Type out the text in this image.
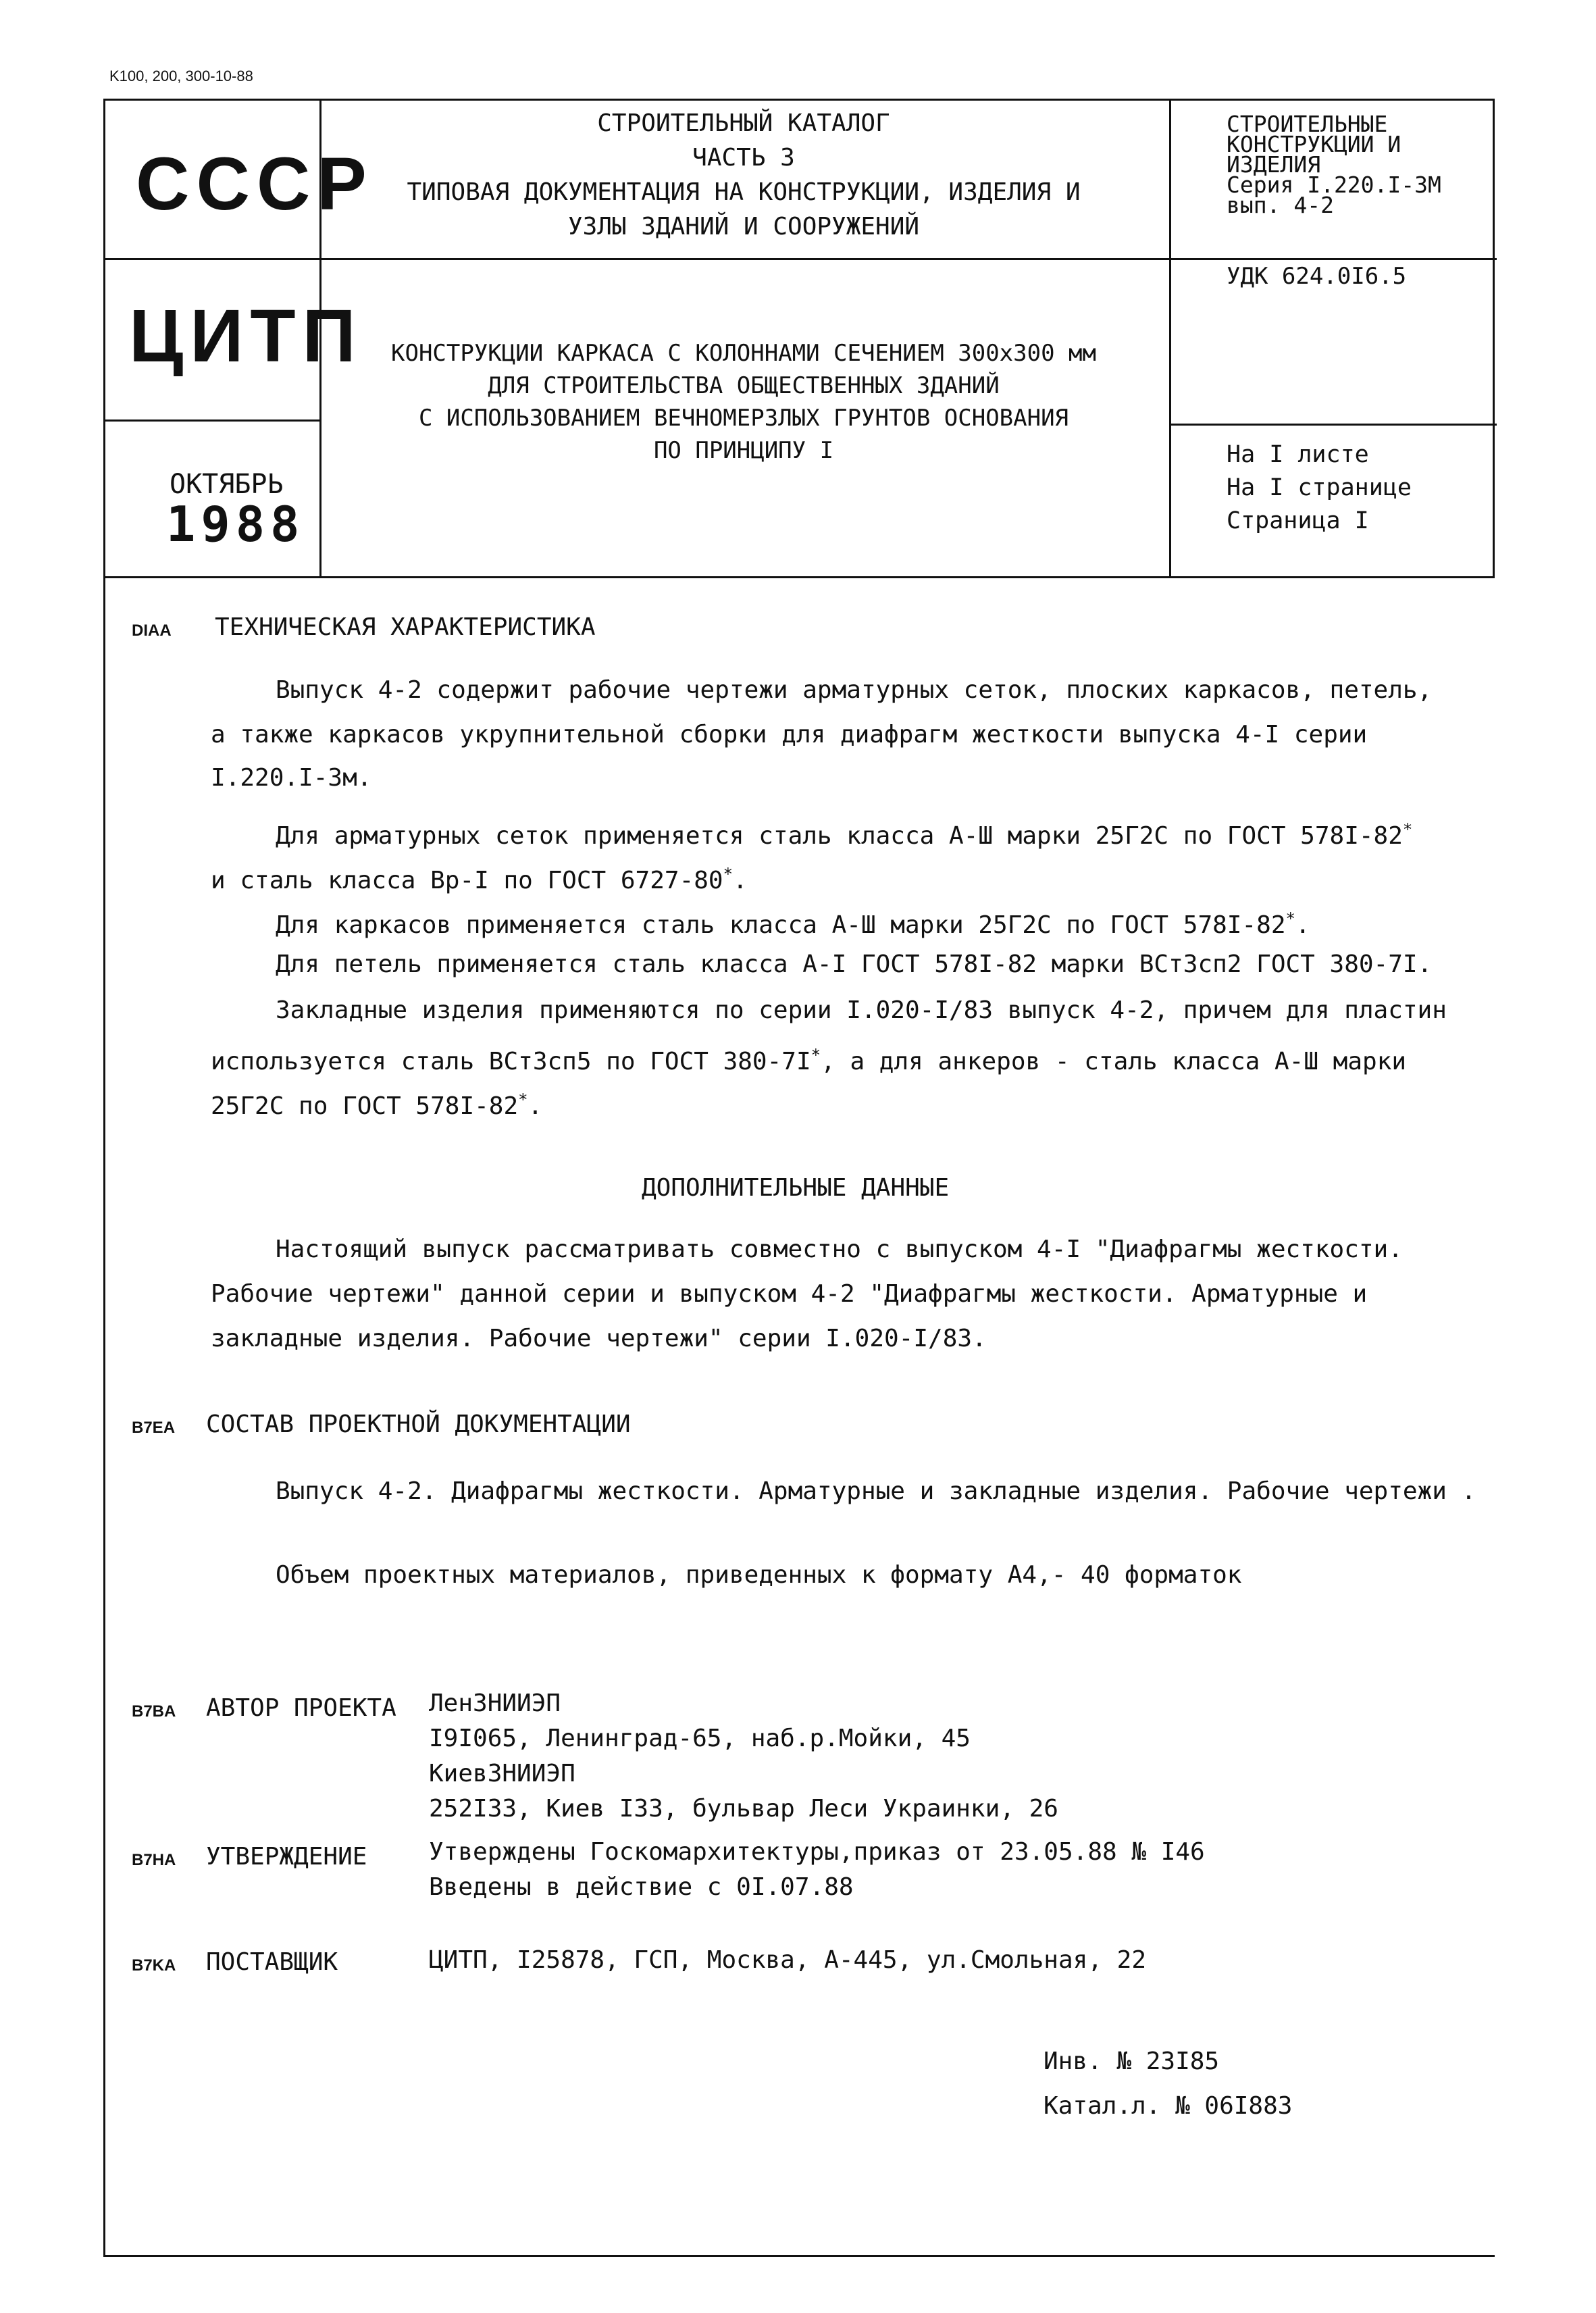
K100, 200, 300-10-88
СССР
ЦИТП
ОКТЯБРЬ
1988
СТРОИТЕЛЬНЫЙ КАТАЛОГ
ЧАСТЬ 3
ТИПОВАЯ ДОКУМЕНТАЦИЯ НА КОНСТРУКЦИИ, ИЗДЕЛИЯ И
УЗЛЫ ЗДАНИЙ И СООРУЖЕНИЙ
КОНСТРУКЦИИ КАРКАСА С КОЛОННАМИ СЕЧЕНИЕМ 300х300 мм
ДЛЯ СТРОИТЕЛЬСТВА ОБЩЕСТВЕННЫХ ЗДАНИЙ
С ИСПОЛЬЗОВАНИЕМ ВЕЧНОМЕРЗЛЫХ ГРУНТОВ ОСНОВАНИЯ
ПО ПРИНЦИПУ I
СТРОИТЕЛЬНЫЕ
КОНСТРУКЦИИ И
ИЗДЕЛИЯ
Серия I.220.I-3M
вып. 4-2
УДК 624.0I6.5
На I листе
На I странице
Страница I
DIAA ТЕХНИЧЕСКАЯ ХАРАКТЕРИСТИКА
Выпуск 4-2 содержит рабочие чертежи арматурных сеток, плоских каркасов, петель,
а также каркасов укрупнительной сборки для диафрагм жесткости выпуска 4-I серии
I.220.I-3м.
Для арматурных сеток применяется сталь класса А-Ш марки 25Г2С по ГОСТ 578I-82*
и сталь класса Вр-I по ГОСТ 6727-80*.
Для каркасов применяется сталь класса А-Ш марки 25Г2С по ГОСТ 578I-82*.
Для петель применяется сталь класса А-I ГОСТ 578I-82 марки ВСт3сп2 ГОСТ 380-7I.
Закладные изделия применяются по серии I.020-I/83 выпуск 4-2, причем для пластин
используется сталь ВСт3сп5 по ГОСТ 380-7I*, а для анкеров - сталь класса А-Ш марки
25Г2С по ГОСТ 578I-82*.
ДОПОЛНИТЕЛЬНЫЕ ДАННЫЕ
Настоящий выпуск рассматривать совместно с выпуском 4-I "Диафрагмы жесткости.
Рабочие чертежи" данной серии и выпуском 4-2 "Диафрагмы жесткости. Арматурные и
закладные изделия. Рабочие чертежи" серии I.020-I/83.
B7EA СОСТАВ ПРОЕКТНОЙ ДОКУМЕНТАЦИИ
Выпуск 4-2. Диафрагмы жесткости. Арматурные и закладные изделия. Рабочие чертежи .
Объем проектных материалов, приведенных к формату А4,- 40 форматок
B7BA АВТОР ПРОЕКТА ЛенЗНИИЭП
I9I065, Ленинград-65, наб.р.Мойки, 45
КиевЗНИИЭП
252I33, Киев I33, бульвар Леси Украинки, 26
B7HA УТВЕРЖДЕНИЕ	Утверждены Госкомархитектуры,приказ от 23.05.88 № I46
Введены в действие с 0I.07.88
B7KA ПОСТАВЩИК	ЦИТП, I25878, ГСП, Москва, А-445, ул.Смольная, 22
Инв. № 23I85
Катал.л. № 06I883
